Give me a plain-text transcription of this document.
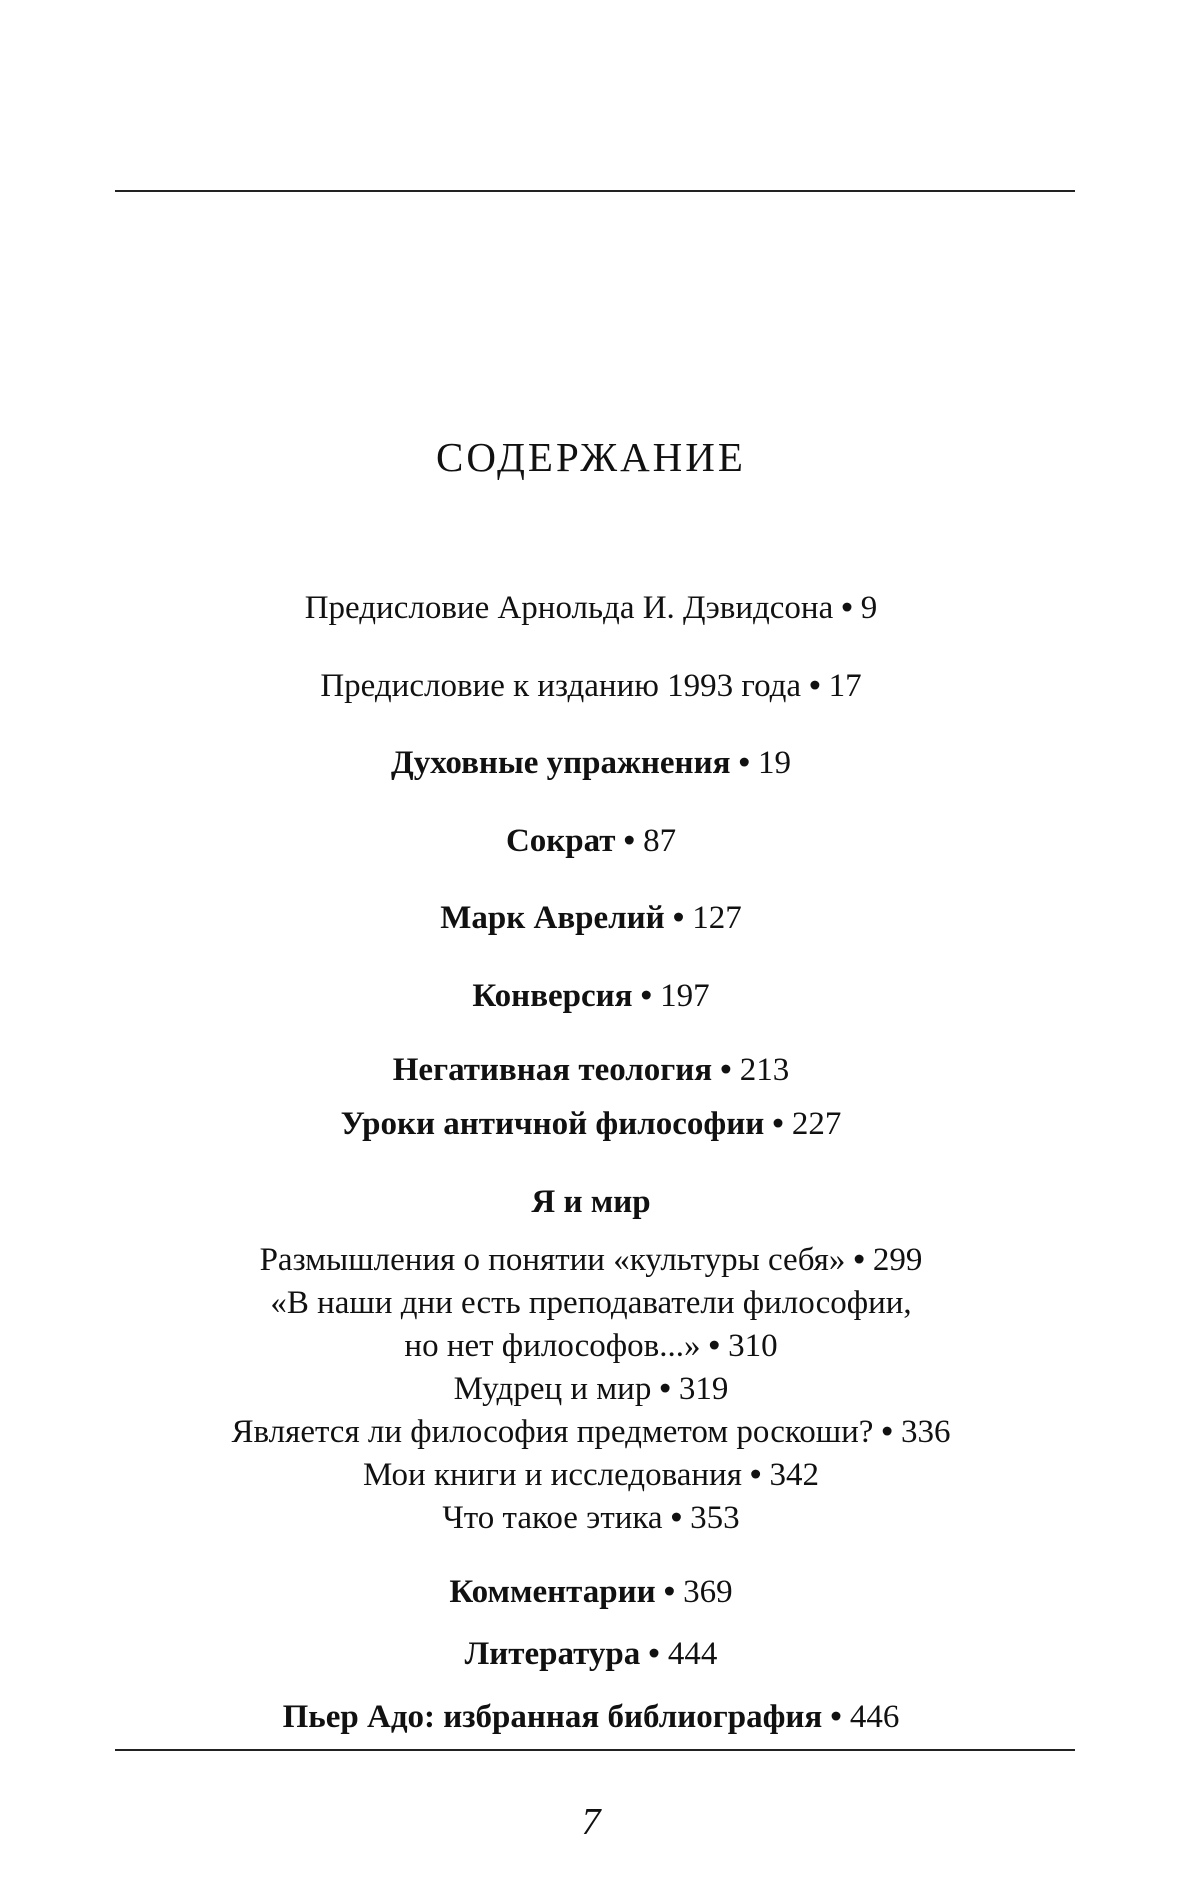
СОДЕРЖАНИЕ
Предисловие Арнольда И. Дэвидсона • 9
Предисловие к изданию 1993 года • 17
Духовные упражнения • 19
Сократ • 87
Марк Аврелий • 127
Конверсия • 197
Негативная теология • 213
Уроки античной философии • 227
Я и мир
Размышления о понятии «культуры себя» • 299
«В наши дни есть преподаватели философии,
но нет философов...» • 310
Мудрец и мир • 319
Является ли философия предметом роскоши? • 336
Мои книги и исследования • 342
Что такое этика • 353
Комментарии • 369
Литература • 444
Пьер Адо: избранная библиография • 446
7
